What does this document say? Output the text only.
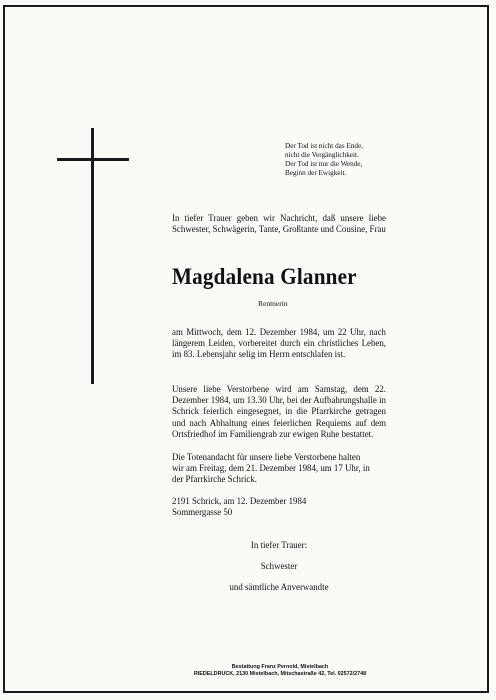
Der Tod ist nicht das Ende,
nicht die Vergänglichkeit.
Der Tod ist nur die Wende,
Beginn der Ewigkeit.
In tiefer Trauer geben wir Nachricht, daß unsere liebe Schwester, Schwägerin, Tante, Großtante und Cousine, Frau
Magdalena Glanner
Rentnerin
am Mittwoch, dem 12. Dezember 1984, um 22 Uhr, nach längerem Leiden, vorbereitet durch ein christliches Leben, im 83. Lebensjahr selig im Herrn entschlafen ist.
Unsere liebe Verstorbene wird am Samstag, dem 22. Dezember 1984, um 13.30 Uhr, bei der Aufbahrungshalle in Schrick feierlich eingesegnet, in die Pfarrkirche getragen und nach Abhaltung eines feierlichen Requiems auf dem Ortsfriedhof im Familiengrab zur ewigen Ruhe bestattet.
Die Totenandacht für unsere liebe Verstorbene halten
wir am Freitag, dem 21. Dezember 1984, um 17 Uhr, in
der Pfarrkirche Schrick.
2191 Schrick, am 12. Dezember 1984
Sommergasse 50
In tiefer Trauer:
Schwester
und sämtliche Anverwandte
Bestattung Franz Pernold, Mistelbach
RIEDELDRUCK, 2130 Mistelbach, Mitschastraße 42, Tel. 02572/2748
